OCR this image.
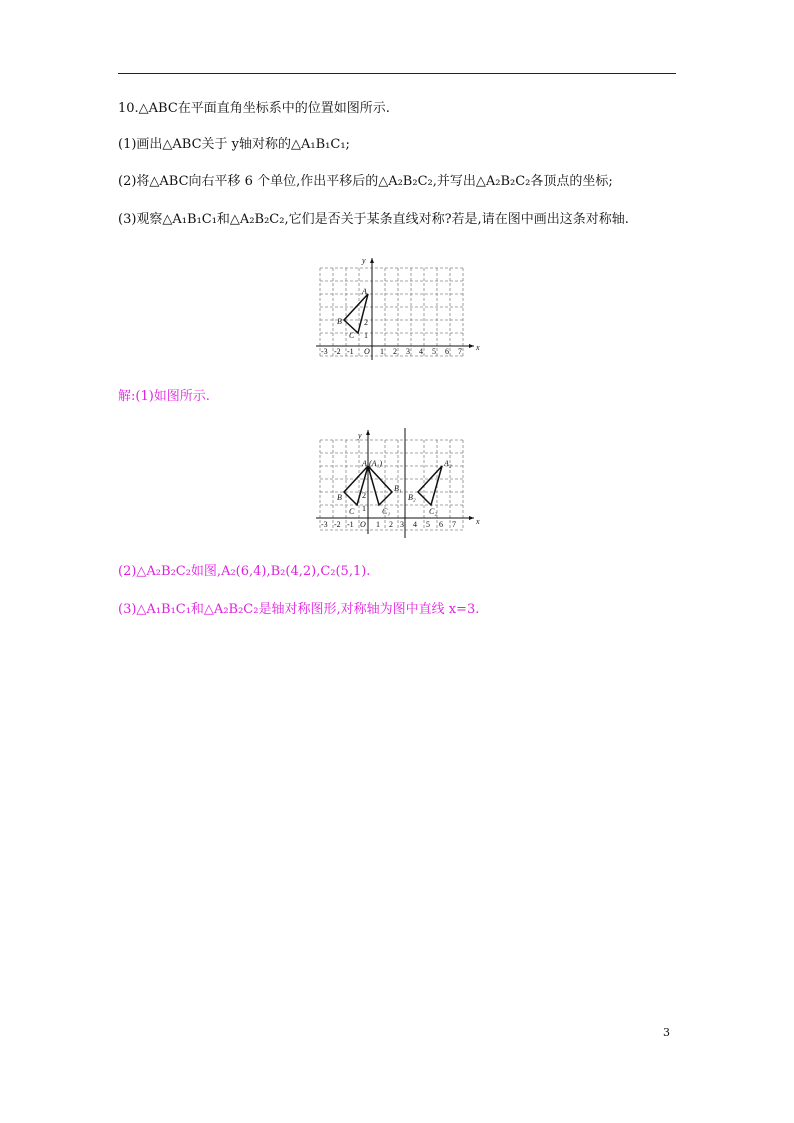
10.△ABC在平面直角坐标系中的位置如图所示.
(1)画出△ABC关于 y轴对称的△A₁B₁C₁;
(2)将△ABC向右平移 6 个单位,作出平移后的△A₂B₂C₂,并写出△A₂B₂C₂各顶点的坐标;
(3)观察△A₁B₁C₁和△A₂B₂C₂,它们是否关于某条直线对称?若是,请在图中画出这条对称轴.
x
y
O
-3 -2 -1	1 2 3 4 5 6 7
1
2
A
B
C
解:(1)如图所示.
x
y
O
-3 -2 -1	1 2 3 4 5 6 7
1
2
A (A₁)
B
C
B₁
C₁
A₂
B₂
C₂
(2)△A₂B₂C₂如图,A₂(6,4),B₂(4,2),C₂(5,1).
(3)△A₁B₁C₁和△A₂B₂C₂是轴对称图形,对称轴为图中直线 x=3.
3
